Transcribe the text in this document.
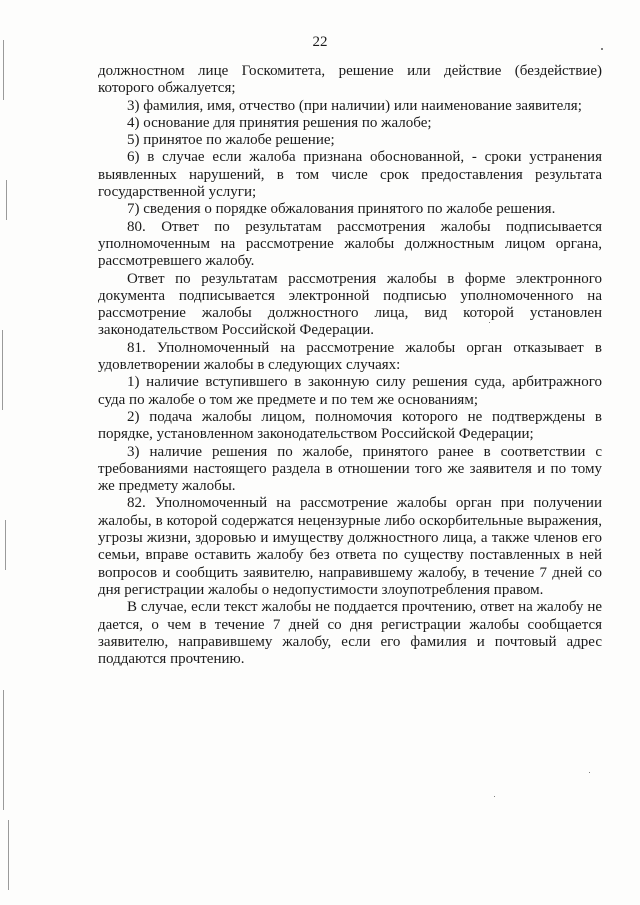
22

должностном лице Госкомитета, решение или действие (бездействие) которого обжалуется;

3) фамилия, имя, отчество (при наличии) или наименование заявителя;

4) основание для принятия решения по жалобе;

5) принятое по жалобе решение;

6) в случае если жалоба признана обоснованной, - сроки устранения выявленных нарушений, в том числе срок предоставления результата государственной услуги;

7) сведения о порядке обжалования принятого по жалобе решения.

80. Ответ по результатам рассмотрения жалобы подписывается уполномоченным на рассмотрение жалобы должностным лицом органа, рассмотревшего жалобу.

Ответ по результатам рассмотрения жалобы в форме электронного документа подписывается электронной подписью уполномоченного на рассмотрение жалобы должностного лица, вид которой установлен законодательством Российской Федерации.

81. Уполномоченный на рассмотрение жалобы орган отказывает в удовлетворении жалобы в следующих случаях:

1) наличие вступившего в законную силу решения суда, арбитражного суда по жалобе о том же предмете и по тем же основаниям;

2) подача жалобы лицом, полномочия которого не подтверждены в порядке, установленном законодательством Российской Федерации;

3) наличие решения по жалобе, принятого ранее в соответствии с требованиями настоящего раздела в отношении того же заявителя и по тому же предмету жалобы.

82. Уполномоченный на рассмотрение жалобы орган при получении жалобы, в которой содержатся нецензурные либо оскорбительные выражения, угрозы жизни, здоровью и имуществу должностного лица, а также членов его семьи, вправе оставить жалобу без ответа по существу поставленных в ней вопросов и сообщить заявителю, направившему жалобу, в течение 7 дней со дня регистрации жалобы о недопустимости злоупотребления правом.

В случае, если текст жалобы не поддается прочтению, ответ на жалобу не дается, о чем в течение 7 дней со дня регистрации жалобы сообщается заявителю, направившему жалобу, если его фамилия и почтовый адрес поддаются прочтению.
